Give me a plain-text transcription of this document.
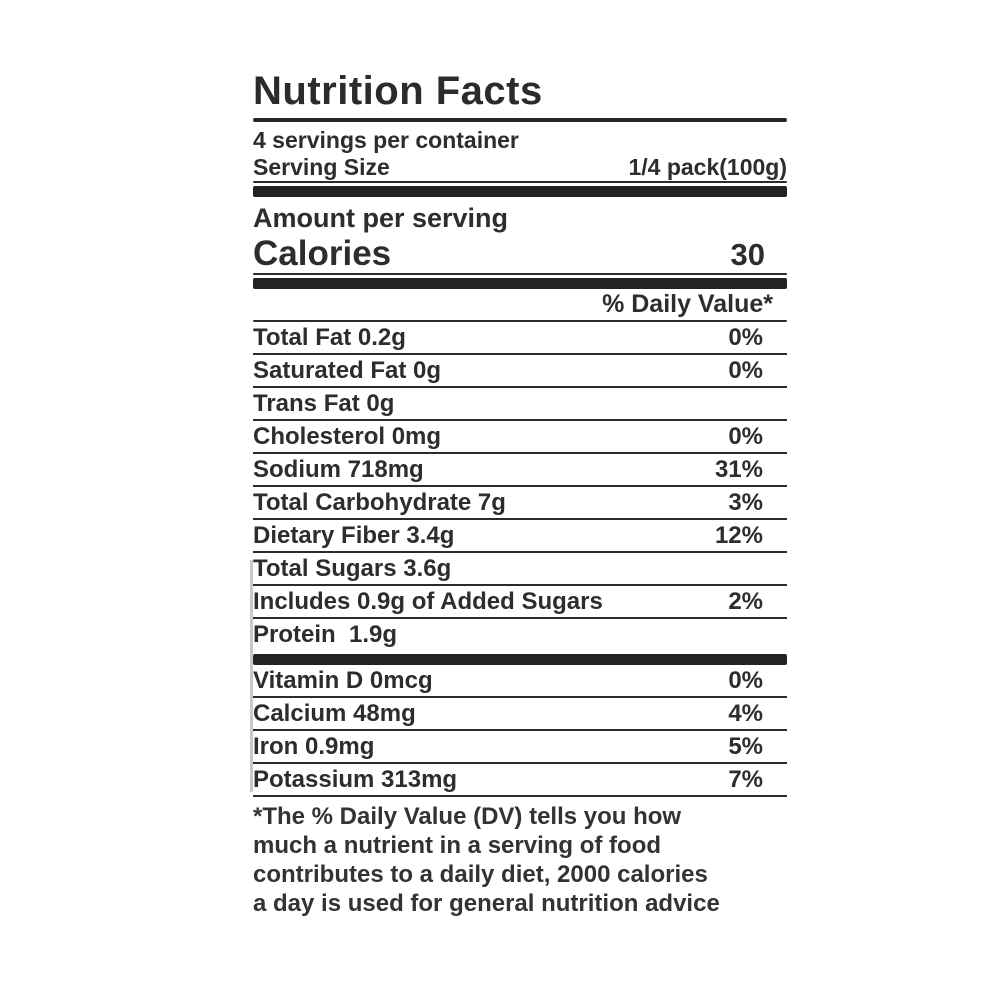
Nutrition Facts
4 servings per container
Serving Size	1/4 pack(100g)
Amount per serving
Calories	30
% Daily Value*
Total Fat 0.2g	0%
Saturated Fat 0g	0%
Trans Fat 0g
Cholesterol 0mg	0%
Sodium 718mg	31%
Total Carbohydrate 7g	3%
Dietary Fiber 3.4g	12%
Total Sugars 3.6g
Includes 0.9g of Added Sugars	2%
Protein  1.9g
Vitamin D 0mcg	0%
Calcium 48mg	4%
Iron 0.9mg	5%
Potassium 313mg	7%
*The % Daily Value (DV) tells you how
much a nutrient in a serving of food
contributes to a daily diet, 2000 calories
a day is used for general nutrition advice
